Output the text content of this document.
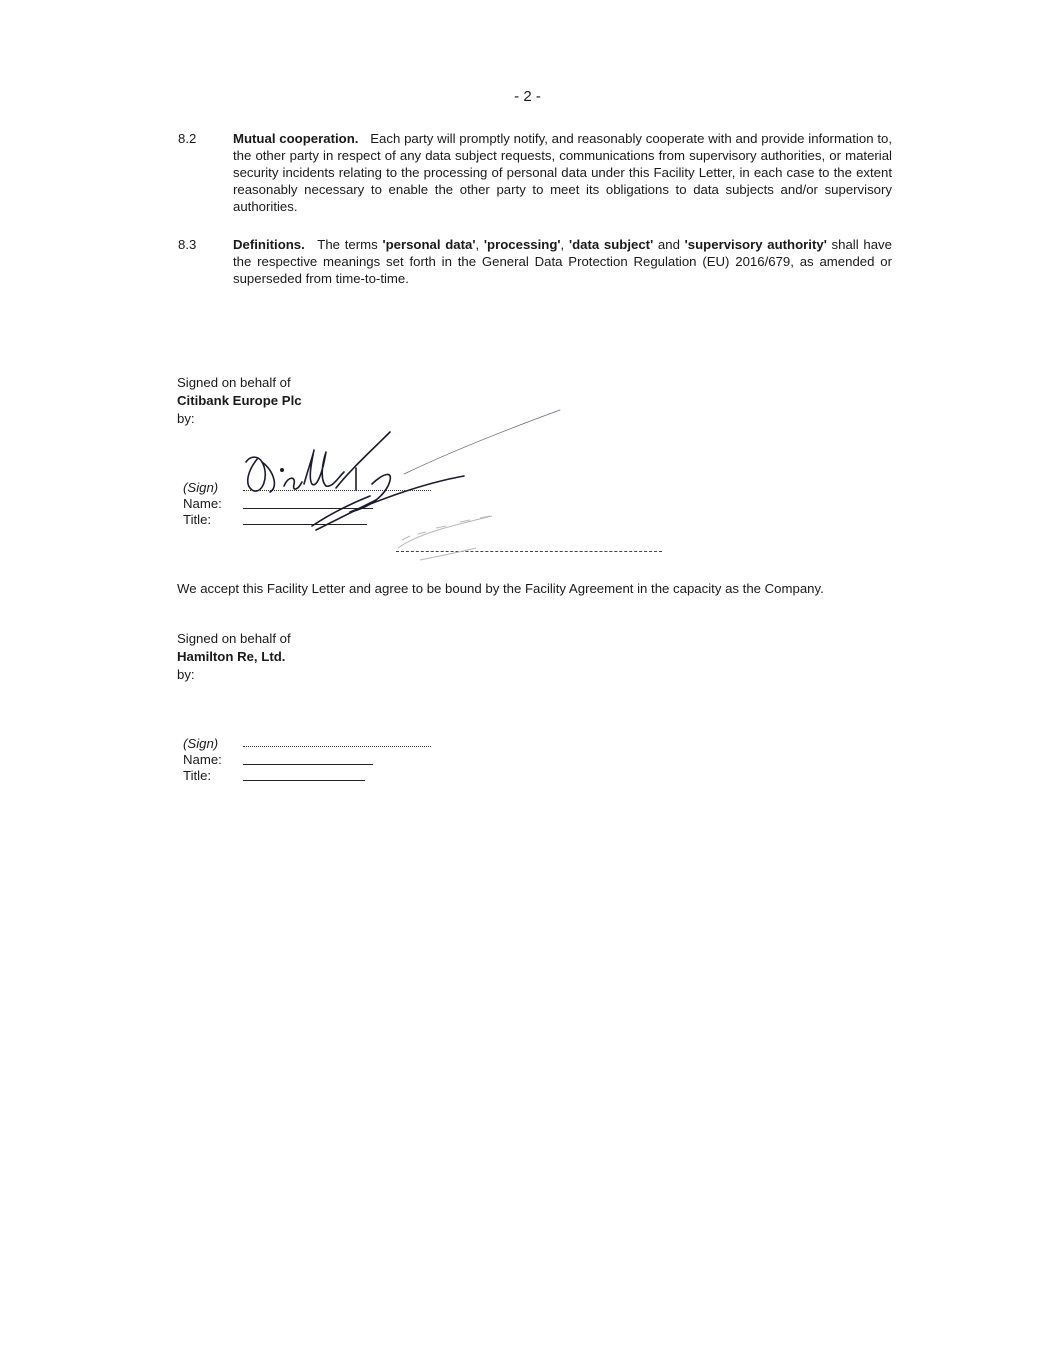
- 2 -
8.2	Mutual cooperation. Each party will promptly notify, and reasonably cooperate with and provide information to, the other party in respect of any data subject requests, communications from supervisory authorities, or material security incidents relating to the processing of personal data under this Facility Letter, in each case to the extent reasonably necessary to enable the other party to meet its obligations to data subjects and/or supervisory authorities.
8.3	Definitions. The terms 'personal data', 'processing', 'data subject' and 'supervisory authority' shall have the respective meanings set forth in the General Data Protection Regulation (EU) 2016/679, as amended or superseded from time-to-time.
Signed on behalf of
Citibank Europe Plc
by:
(Sign)
Name:
Title:
We accept this Facility Letter and agree to be bound by the Facility Agreement in the capacity as the Company.
Signed on behalf of
Hamilton Re, Ltd.
by:
(Sign)
Name:
Title:
